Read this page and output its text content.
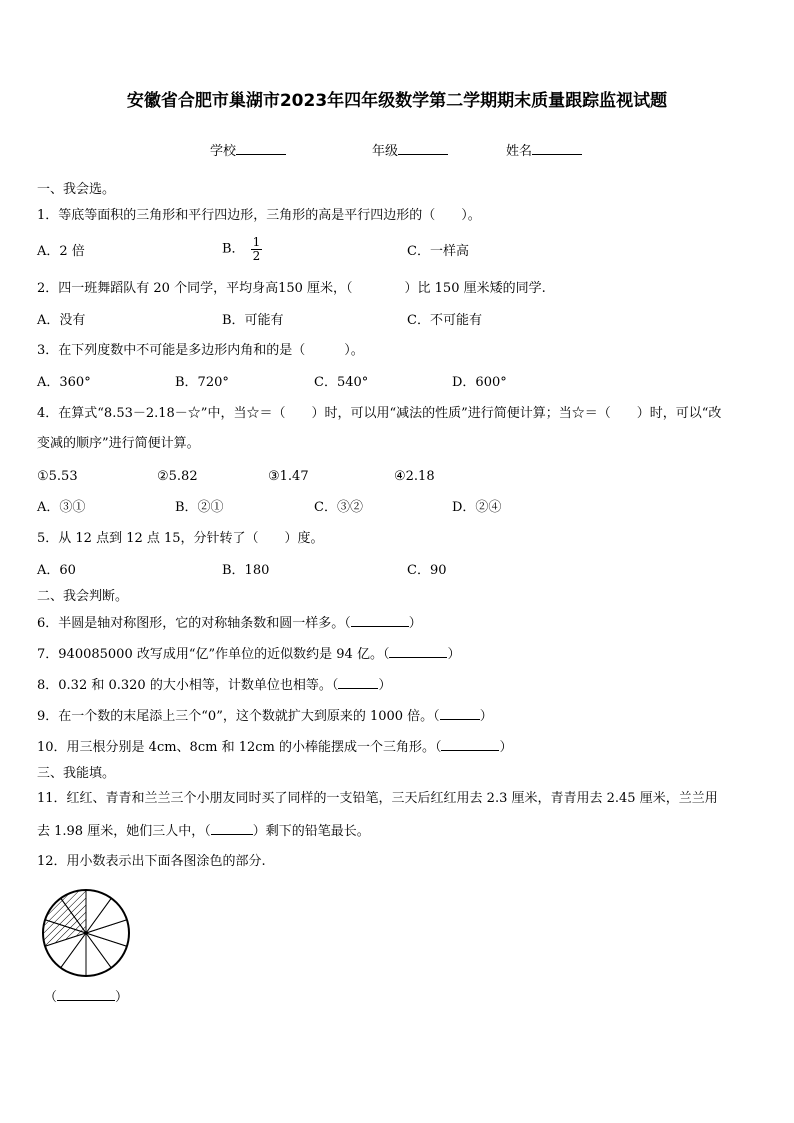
安徽省合肥市巢湖市2023年四年级数学第二学期期末质量跟踪监视试题
学校	年级	姓名
一、我会选。
1．等底等面积的三角形和平行四边形，三角形的高是平行四边形的（　　）。
A．2 倍	B． $\frac{1}{2}$	C．一样高
2．四一班舞蹈队有 20 个同学，平均身高150 厘米，（　　　　）比 150 厘米矮的同学.
A．没有	B．可能有	C．不可能有
3．在下列度数中不可能是多边形内角和的是（　　　）。
A．360°	B．720°	C．540°	D．600°
4．在算式“8.53－2.18－☆”中，当☆＝（　　）时，可以用“减法的性质”进行简便计算；当☆＝（　　）时，可以“改
变减的顺序”进行简便计算。
①5.53	②5.82	③1.47	④2.18
A．③①	B．②①	C．③②	D．②④
5．从 12 点到 12 点 15，分针转了（　　）度。
A．60	B．180	C．90
二、我会判断。
6．半圆是轴对称图形，它的对称轴条数和圆一样多。（	）
7．940085000 改写成用“亿”作单位的近似数约是 94 亿。（	）
8．0.32 和 0.320 的大小相等，计数单位也相等。（	）
9．在一个数的末尾添上三个“0”，这个数就扩大到原来的 1000 倍。（	）
10．用三根分别是 4cm、8cm 和 12cm 的小棒能摆成一个三角形。（	）
三、我能填。
11．红红、青青和兰兰三个小朋友同时买了同样的一支铅笔，三天后红红用去 2.3 厘米，青青用去 2.45 厘米，兰兰用
去 1.98 厘米，她们三人中，（	）剩下的铅笔最长。
12．用小数表示出下面各图涂色的部分.
（	）
